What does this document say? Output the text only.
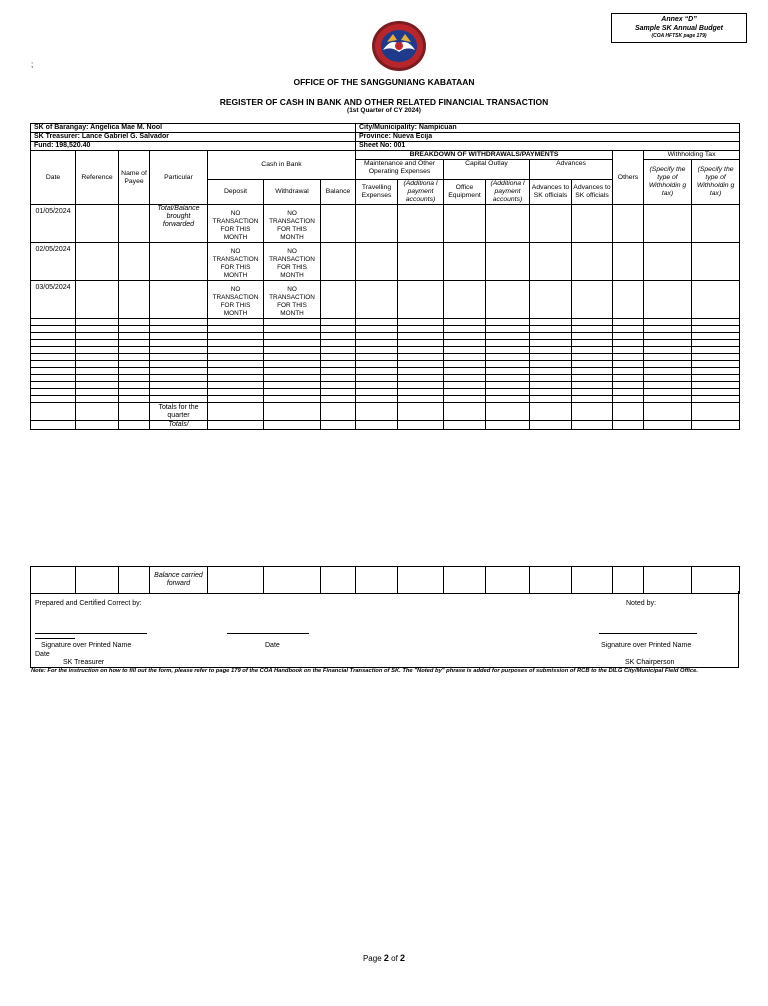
Annex “D”
Sample SK Annual Budget
(COA HFTSK page 179)
;
OFFICE OF THE SANGGUNIANG KABATAAN
REGISTER OF CASH IN BANK AND OTHER RELATED FINANCIAL TRANSACTION
(1st Quarter of CY 2024)
SK of Barangay: Angelica Mae M. Nool							City/Municipality: Nampicuan								
SK Treasurer: Lance Gabriel G. Salvador							Province: Nueva Ecija								
Fund: 198,520.40							Sheet No: 001								
Date	Reference	Name of Payee	Particular	Cash in Bank			BREAKDOWN OF WITHDRAWALS/PAYMENTS						Others	Withholding Tax	
							Maintenance and Other Operating Expenses		Capital Outlay		Advances			(Specify the type of Withholdin g tax)	(Specify the type of Withholdin g tax)

				Deposit	Withdrawal	Balance	Travelling Expenses	(Additiona l payment accounts)	Office Equipment	(Additiona l payment accounts)	Advances to SK officials	Advances to SK officials			
01/05/2024			Total/Balance brought forwarded	NO TRANSACTION FOR THIS MONTH	NO TRANSACTION FOR THIS MONTH										
02/05/2024				NO TRANSACTION FOR THIS MONTH	NO TRANSACTION FOR THIS MONTH										
03/05/2024				NO TRANSACTION FOR THIS MONTH	NO TRANSACTION FOR THIS MONTH										

			Totals for the quarter												
			Totals/												
			Balance carried forward												
Prepared and Certified Correct by:	Noted by:
Signature over Printed Name
Date
SK Treasurer
Date	Signature over Printed Name
SK Chairperson
Note: For the instruction on how to fill out the form, please refer to page 179 of the COA Handbook on the Financial Transaction of SK. The "Noted by" phrase is added for purposes of submission of RCB to the DILG City/Municipal Field Office.
Page 2 of 2
